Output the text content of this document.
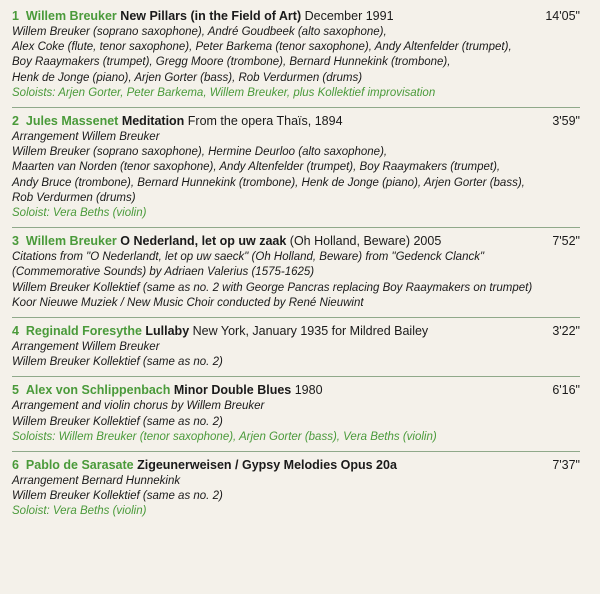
1 Willem Breuker New Pillars (in the Field of Art) December 1991	14'05"
Willem Breuker (soprano saxophone), André Goudbeek (alto saxophone),
Alex Coke (flute, tenor saxophone), Peter Barkema (tenor saxophone), Andy Altenfelder (trumpet),
Boy Raaymakers (trumpet), Gregg Moore (trombone), Bernard Hunnekink (trombone),
Henk de Jonge (piano), Arjen Gorter (bass), Rob Verdurmen (drums)
Soloists: Arjen Gorter, Peter Barkema, Willem Breuker, plus Kollektief improvisation
2 Jules Massenet Meditation From the opera Thaïs, 1894	3'59"
Arrangement Willem Breuker
Willem Breuker (soprano saxophone), Hermine Deurloo (alto saxophone),
Maarten van Norden (tenor saxophone), Andy Altenfelder (trumpet), Boy Raaymakers (trumpet),
Andy Bruce (trombone), Bernard Hunnekink (trombone), Henk de Jonge (piano), Arjen Gorter (bass),
Rob Verdurmen (drums)
Soloist: Vera Beths (violin)
3 Willem Breuker O Nederland, let op uw zaak (Oh Holland, Beware) 2005	7'52"
Citations from "O Nederlandt, let op uw saeck" (Oh Holland, Beware) from "Gedenck Clanck"
(Commemorative Sounds) by Adriaen Valerius (1575-1625)
Willem Breuker Kollektief (same as no. 2 with George Pancras replacing Boy Raaymakers on trumpet)
Koor Nieuwe Muziek / New Music Choir conducted by René Nieuwint
4 Reginald Foresythe Lullaby New York, January 1935 for Mildred Bailey	3'22"
Arrangement Willem Breuker
Willem Breuker Kollektief (same as no. 2)
5 Alex von Schlippenbach Minor Double Blues 1980	6'16"
Arrangement and violin chorus by Willem Breuker
Willem Breuker Kollektief (same as no. 2)
Soloists: Willem Breuker (tenor saxophone), Arjen Gorter (bass), Vera Beths (violin)
6 Pablo de Sarasate Zigeunerweisen / Gypsy Melodies Opus 20a	7'37"
Arrangement Bernard Hunnekink
Willem Breuker Kollektief (same as no. 2)
Soloist: Vera Beths (violin)
